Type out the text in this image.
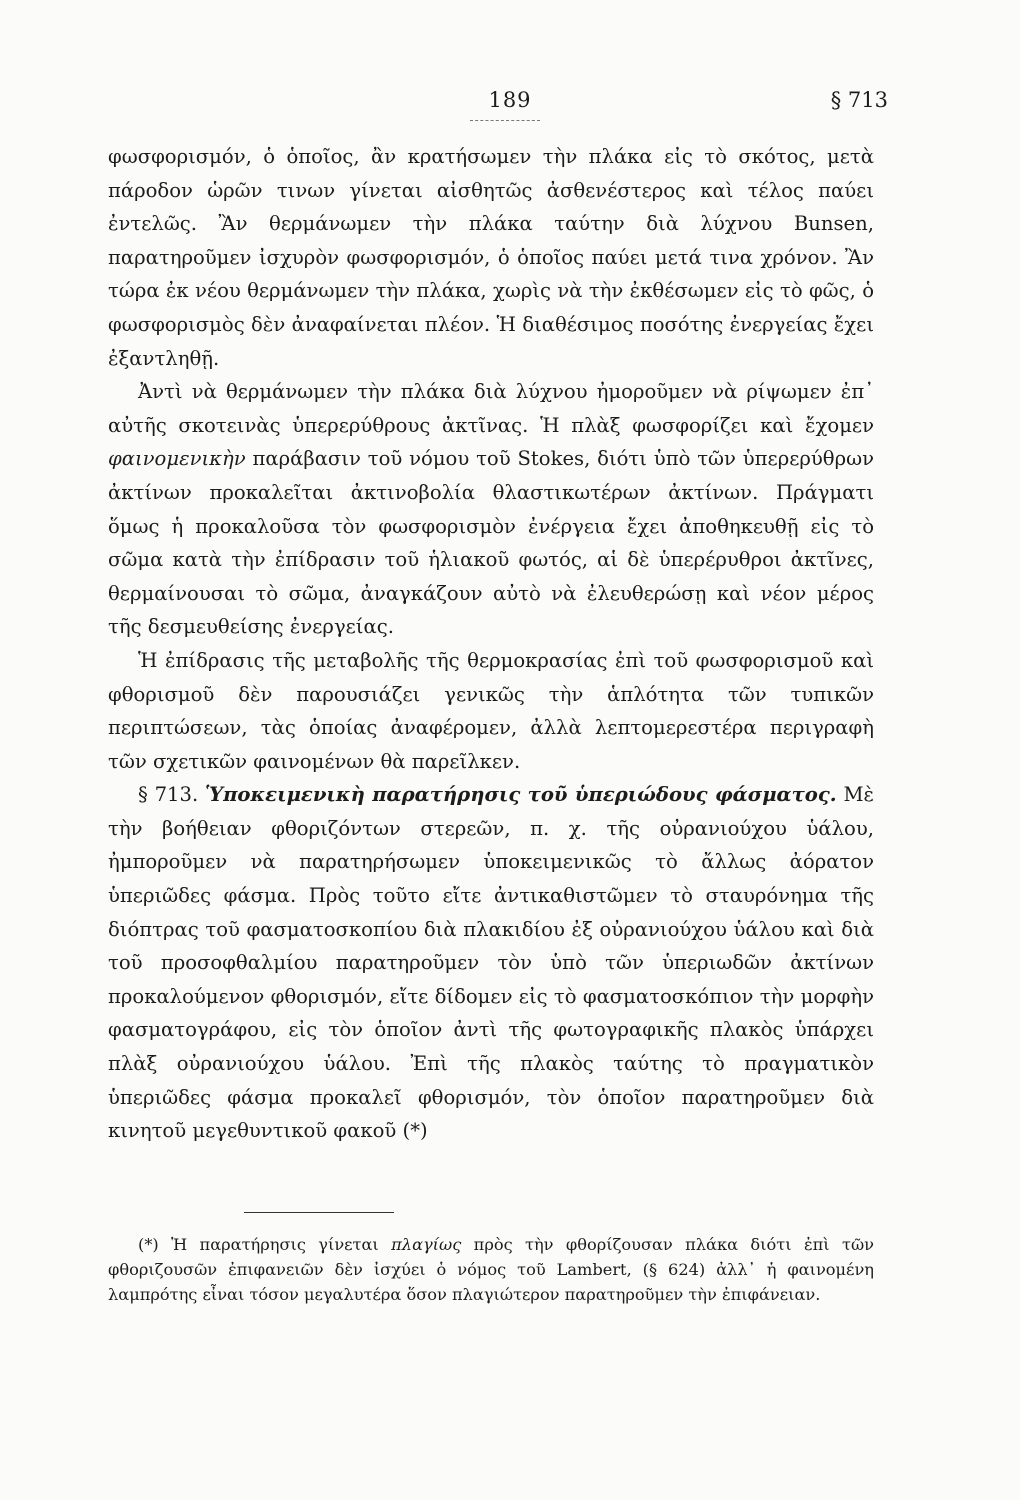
189	§ 713

φωσφορισμόν, ὁ ὁποῖος, ἂν κρατήσωμεν τὴν πλάκα εἰς τὸ σκότος, μετὰ πάροδον ὡρῶν τινων γίνεται αἰσθητῶς ἀσθενέστερος καὶ τέλος παύει ἐντελῶς. Ἂν θερμάνωμεν τὴν πλάκα ταύτην διὰ λύχνου Bunsen, παρατηροῦμεν ἰσχυρὸν φωσφορισμόν, ὁ ὁποῖος παύει μετά τινα χρόνον. Ἂν τώρα ἐκ νέου θερμάνωμεν τὴν πλάκα, χωρὶς νὰ τὴν ἐκθέσωμεν εἰς τὸ φῶς, ὁ φωσφορισμὸς δὲν ἀναφαίνεται πλέον. Ἡ διαθέσιμος ποσότης ἐνεργείας ἔχει ἐξαντληθῇ.

Ἀντὶ νὰ θερμάνωμεν τὴν πλάκα διὰ λύχνου ἠμοροῦμεν νὰ ρίψωμεν ἐπ᾽ αὐτῆς σκοτεινὰς ὑπερερύθρους ἀκτῖνας. Ἡ πλὰξ φωσφορίζει καὶ ἔχομεν φαινομενικὴν παράβασιν τοῦ νόμου τοῦ Stokes, διότι ὑπὸ τῶν ὑπερερύθρων ἀκτίνων προκαλεῖται ἀκτινοβολία θλαστικωτέρων ἀκτίνων. Πράγματι ὅμως ἡ προκαλοῦσα τὸν φωσφορισμὸν ἐνέργεια ἔχει ἀποθηκευθῇ εἰς τὸ σῶμα κατὰ τὴν ἐπίδρασιν τοῦ ἡλιακοῦ φωτός, αἱ δὲ ὑπερέρυθροι ἀκτῖνες, θερμαίνουσαι τὸ σῶμα, ἀναγκάζουν αὐτὸ νὰ ἐλευθερώσῃ καὶ νέον μέρος τῆς δεσμευθείσης ἐνεργείας.

Ἡ ἐπίδρασις τῆς μεταβολῆς τῆς θερμοκρασίας ἐπὶ τοῦ φωσφορισμοῦ καὶ φθορισμοῦ δὲν παρουσιάζει γενικῶς τὴν ἁπλότητα τῶν τυπικῶν περιπτώσεων, τὰς ὁποίας ἀναφέρομεν, ἀλλὰ λεπτομερεστέρα περιγραφὴ τῶν σχετικῶν φαινομένων θὰ παρεῖλκεν.

§ 713. Ὑποκειμενικὴ παρατήρησις τοῦ ὑπεριώδους φάσματος. Μὲ τὴν βοήθειαν φθοριζόντων στερεῶν, π. χ. τῆς οὐρανιούχου ὑάλου, ἠμποροῦμεν νὰ παρατηρήσωμεν ὑποκειμενικῶς τὸ ἄλλως ἀόρατον ὑπεριῶδες φάσμα. Πρὸς τοῦτο εἴτε ἀντικαθιστῶμεν τὸ σταυρόνημα τῆς διόπτρας τοῦ φασματοσκοπίου διὰ πλακιδίου ἐξ οὐρανιούχου ὑάλου καὶ διὰ τοῦ προσοφθαλμίου παρατηροῦμεν τὸν ὑπὸ τῶν ὑπεριωδῶν ἀκτίνων προκαλούμενον φθορισμόν, εἴτε δίδομεν εἰς τὸ φασματοσκόπιον τὴν μορφὴν φασματογράφου, εἰς τὸν ὁποῖον ἀντὶ τῆς φωτογραφικῆς πλακὸς ὑπάρχει πλὰξ οὐρανιούχου ὑάλου. Ἐπὶ τῆς πλακὸς ταύτης τὸ πραγματικὸν ὑπεριῶδες φάσμα προκαλεῖ φθορισμόν, τὸν ὁποῖον παρατηροῦμεν διὰ κινητοῦ μεγεθυντικοῦ φακοῦ (*)

(*) Ἡ παρατήρησις γίνεται πλαγίως πρὸς τὴν φθορίζουσαν πλάκα διότι ἐπὶ τῶν φθοριζουσῶν ἐπιφανειῶν δὲν ἰσχύει ὁ νόμος τοῦ Lambert, (§ 624) ἀλλ᾽ ἡ φαινομένη λαμπρότης εἶναι τόσον μεγαλυτέρα ὅσον πλαγιώτερον παρατηροῦμεν τὴν ἐπιφάνειαν.
